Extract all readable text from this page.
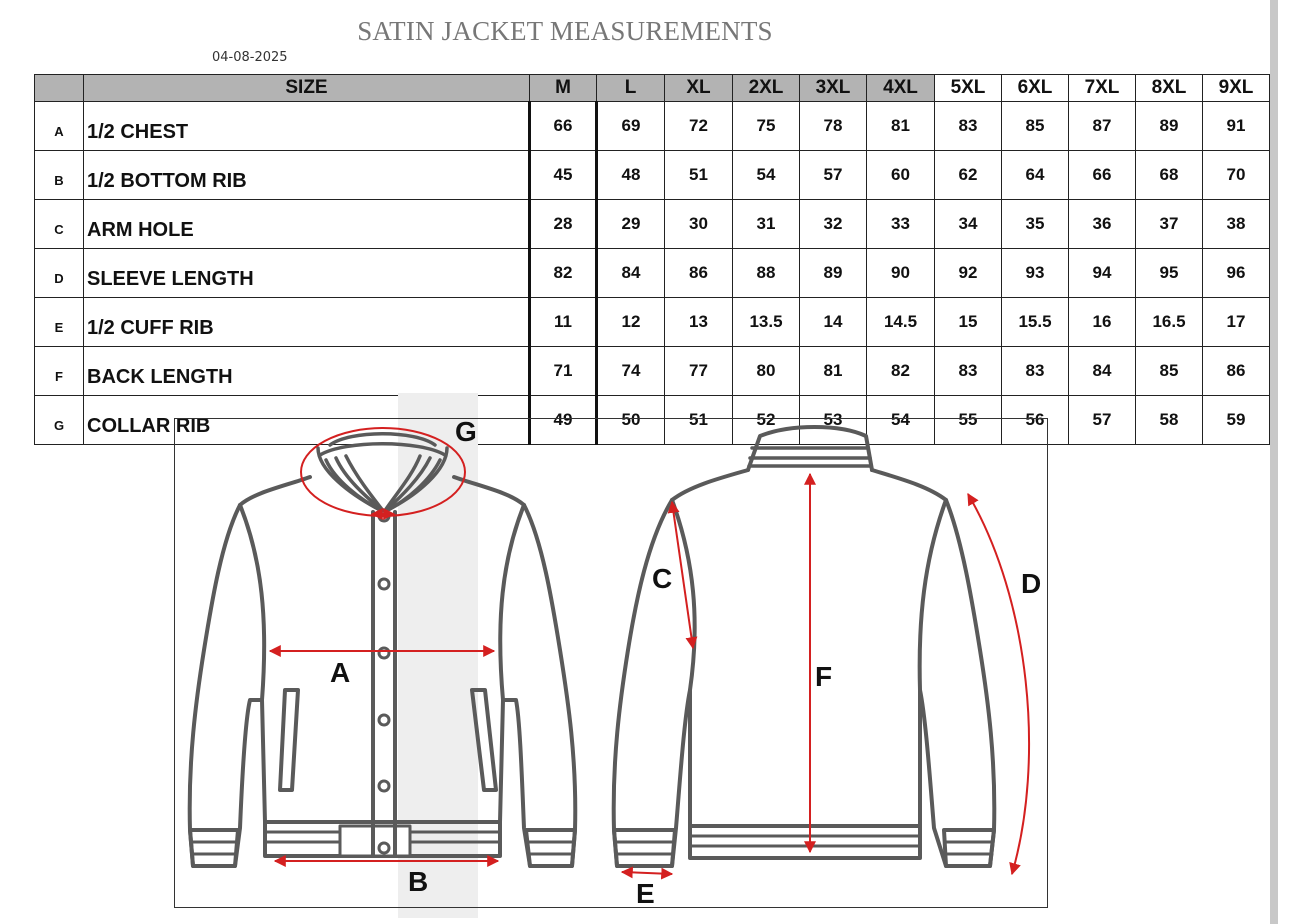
SATIN JACKET MEASUREMENTS
04-08-2025
	SIZE	M	L	XL	2XL	3XL	4XL	5XL	6XL	7XL	8XL	9XL
A	1/2 CHEST	66	69	72	75	78	81	83	85	87	89	91
B	1/2 BOTTOM RIB	45	48	51	54	57	60	62	64	66	68	70
C	ARM HOLE	28	29	30	31	32	33	34	35	36	37	38
D	SLEEVE LENGTH	82	84	86	88	89	90	92	93	94	95	96
E	1/2 CUFF RIB	11	12	13	13.5	14	14.5	15	15.5	16	16.5	17
F	BACK LENGTH	71	74	77	80	81	82	83	83	84	85	86
G	COLLAR RIB	49	50	51	52	53	54	55	56	57	58	59
G
A
B
C
F
D
E
